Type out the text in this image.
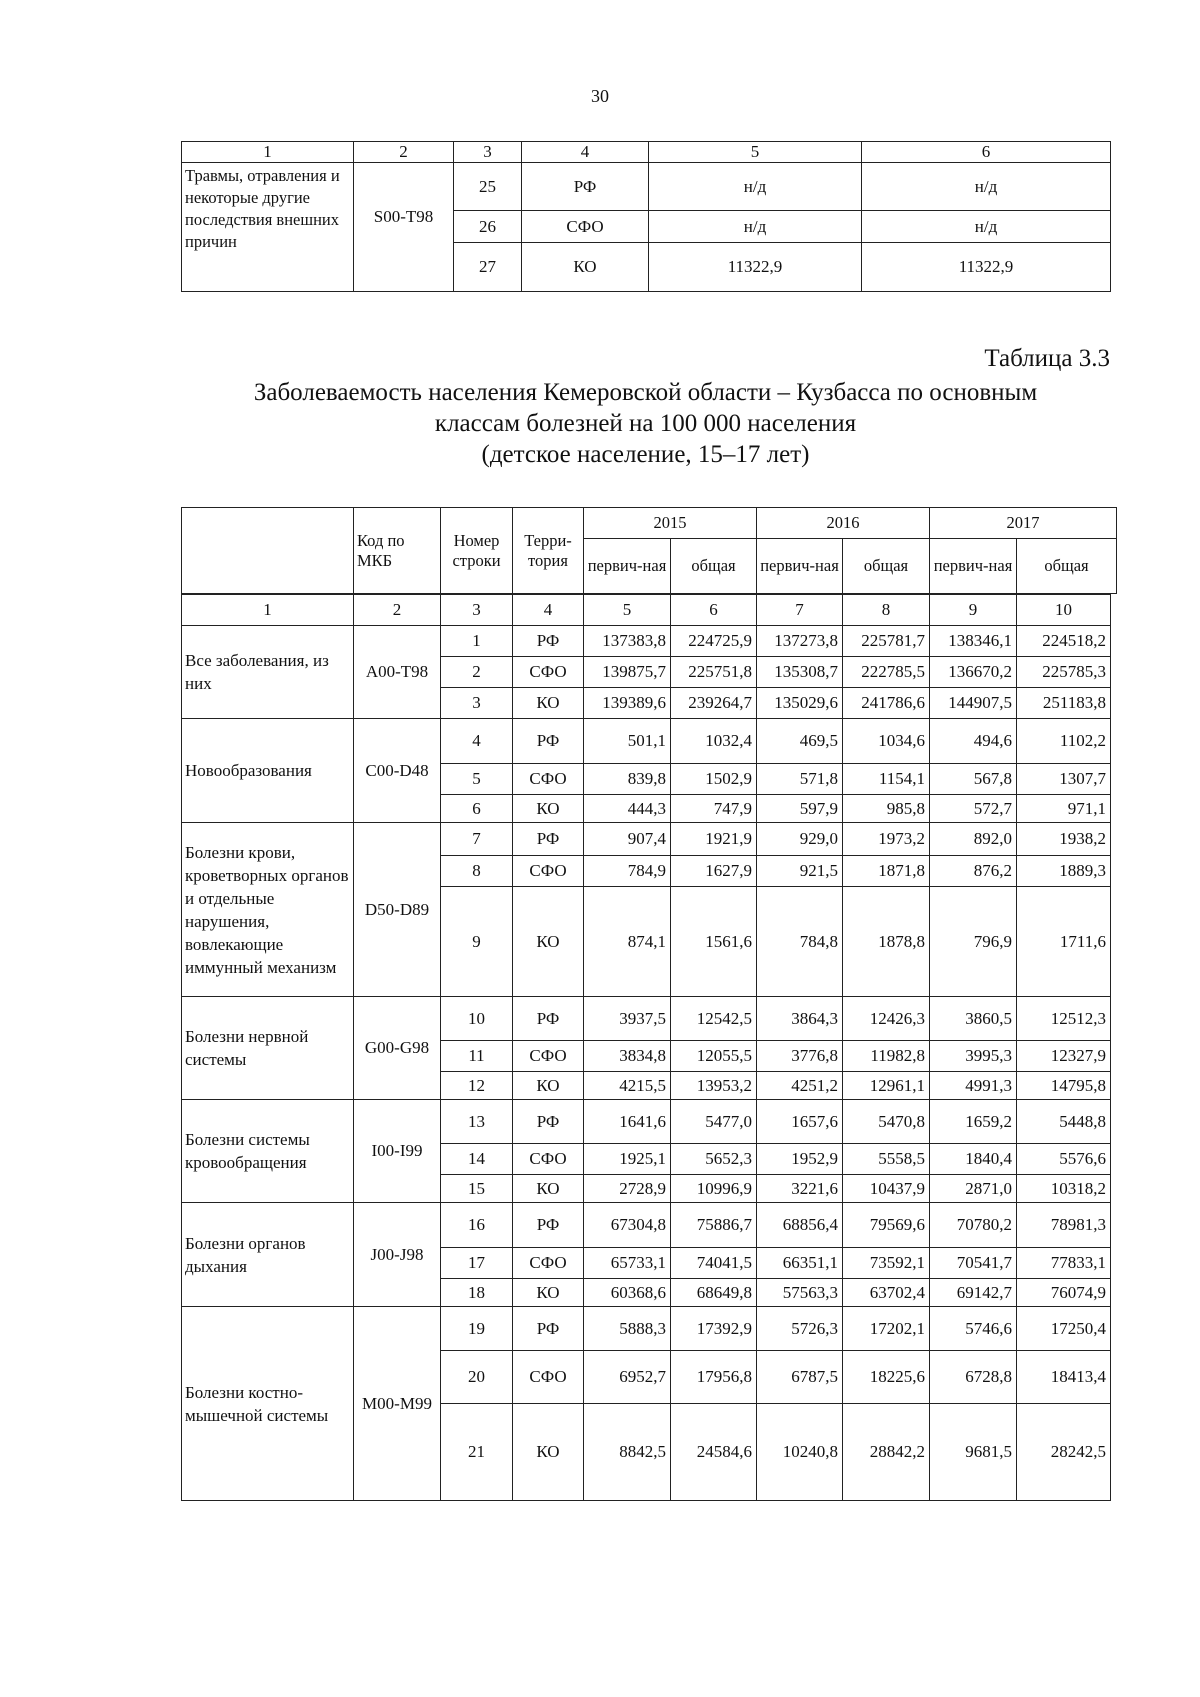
30
1	2	3	4	5	6
Травмы, отравления и некоторые другие последствия внешних причин	S00-T98	25	РФ	н/д	н/д
		26	СФО	н/д	н/д
		27	КО	11322,9	11322,9
Таблица 3.3
Заболеваемость населения Кемеровской области – Кузбасса по основным
классам болезней на 100 000 населения
(детское население, 15–17 лет)
	Код по МКБ	Номер строки	Терри-тория	2015		2016		2017	
				первич-ная	общая	первич-ная	общая	первич-ная	общая
1	2	3	4	5	6	7	8	9	10
Все заболевания, из них	A00-T98	1	РФ	137383,8	224725,9	137273,8	225781,7	138346,1	224518,2
		2	СФО	139875,7	225751,8	135308,7	222785,5	136670,2	225785,3
		3	КО	139389,6	239264,7	135029,6	241786,6	144907,5	251183,8
Новообразования	C00-D48	4	РФ	501,1	1032,4	469,5	1034,6	494,6	1102,2
		5	СФО	839,8	1502,9	571,8	1154,1	567,8	1307,7
		6	КО	444,3	747,9	597,9	985,8	572,7	971,1
Болезни крови, кроветворных органов и отдельные нарушения, вовлекающие иммунный механизм	D50-D89	7	РФ	907,4	1921,9	929,0	1973,2	892,0	1938,2
		8	СФО	784,9	1627,9	921,5	1871,8	876,2	1889,3
		9	КО	874,1	1561,6	784,8	1878,8	796,9	1711,6
Болезни нервной системы	G00-G98	10	РФ	3937,5	12542,5	3864,3	12426,3	3860,5	12512,3
		11	СФО	3834,8	12055,5	3776,8	11982,8	3995,3	12327,9
		12	КО	4215,5	13953,2	4251,2	12961,1	4991,3	14795,8
Болезни системы кровообращения	I00-I99	13	РФ	1641,6	5477,0	1657,6	5470,8	1659,2	5448,8
		14	СФО	1925,1	5652,3	1952,9	5558,5	1840,4	5576,6
		15	КО	2728,9	10996,9	3221,6	10437,9	2871,0	10318,2
Болезни органов дыхания	J00-J98	16	РФ	67304,8	75886,7	68856,4	79569,6	70780,2	78981,3
		17	СФО	65733,1	74041,5	66351,1	73592,1	70541,7	77833,1
		18	КО	60368,6	68649,8	57563,3	63702,4	69142,7	76074,9
Болезни костно-мышечной системы	M00-M99	19	РФ	5888,3	17392,9	5726,3	17202,1	5746,6	17250,4
		20	СФО	6952,7	17956,8	6787,5	18225,6	6728,8	18413,4
		21	КО	8842,5	24584,6	10240,8	28842,2	9681,5	28242,5
